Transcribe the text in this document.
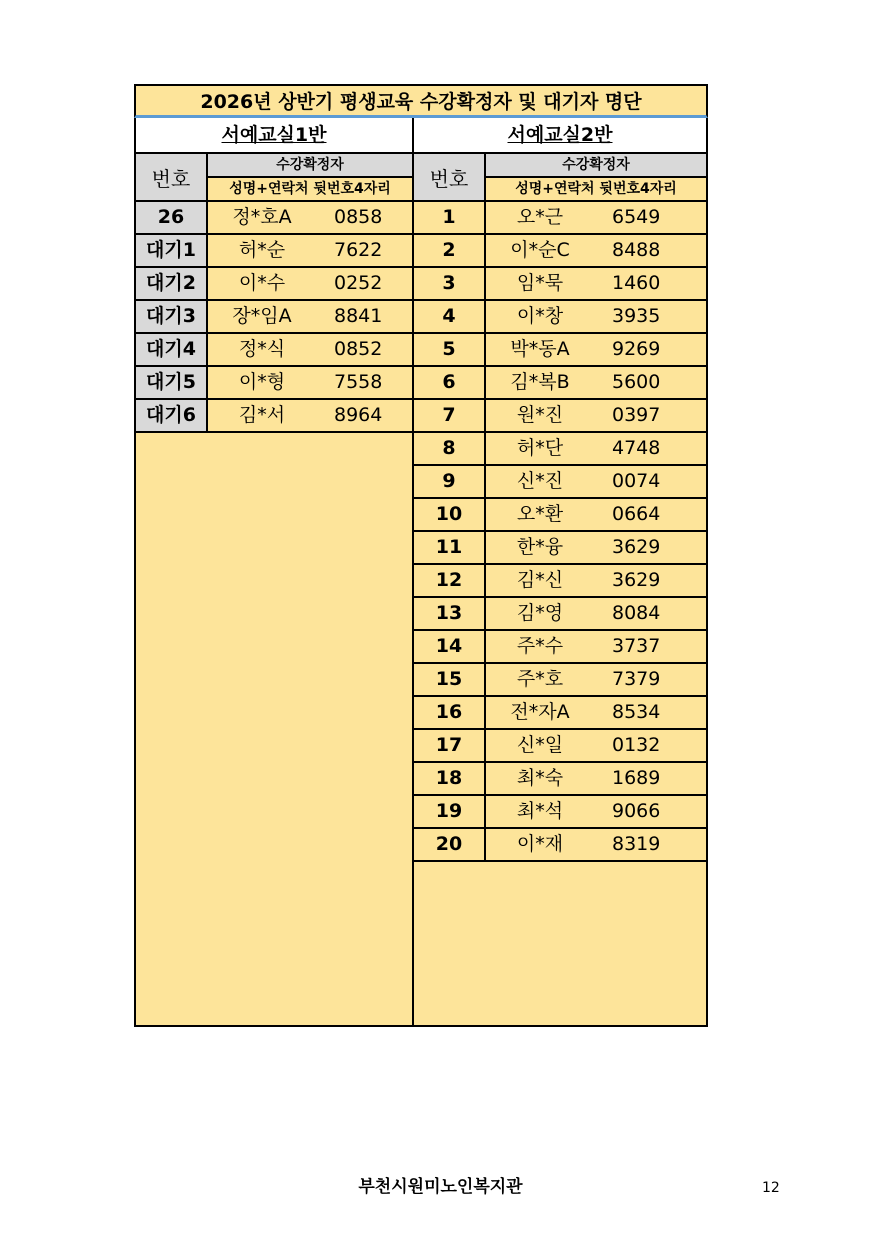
2026년 상반기 평생교육 수강확정자 및 대기자 명단
서예교실1반
번호
수강확정자
성명+연락처 뒷번호4자리
26	정*호A	0858
대기1	허*순	7622
대기2	이*수	0252
대기3	장*임A	8841
대기4	정*식	0852
대기5	이*형	7558
대기6	김*서	8964
서예교실2반
번호
수강확정자
성명+연락처 뒷번호4자리
1	오*근	6549
2	이*순C	8488
3	임*묵	1460
4	이*창	3935
5	박*동A	9269
6	김*복B	5600
7	원*진	0397
8	허*단	4748
9	신*진	0074
10	오*환	0664
11	한*융	3629
12	김*신	3629
13	김*영	8084
14	주*수	3737
15	주*호	7379
16	전*자A	8534
17	신*일	0132
18	최*숙	1689
19	최*석	9066
20	이*재	8319
부천시원미노인복지관	12
